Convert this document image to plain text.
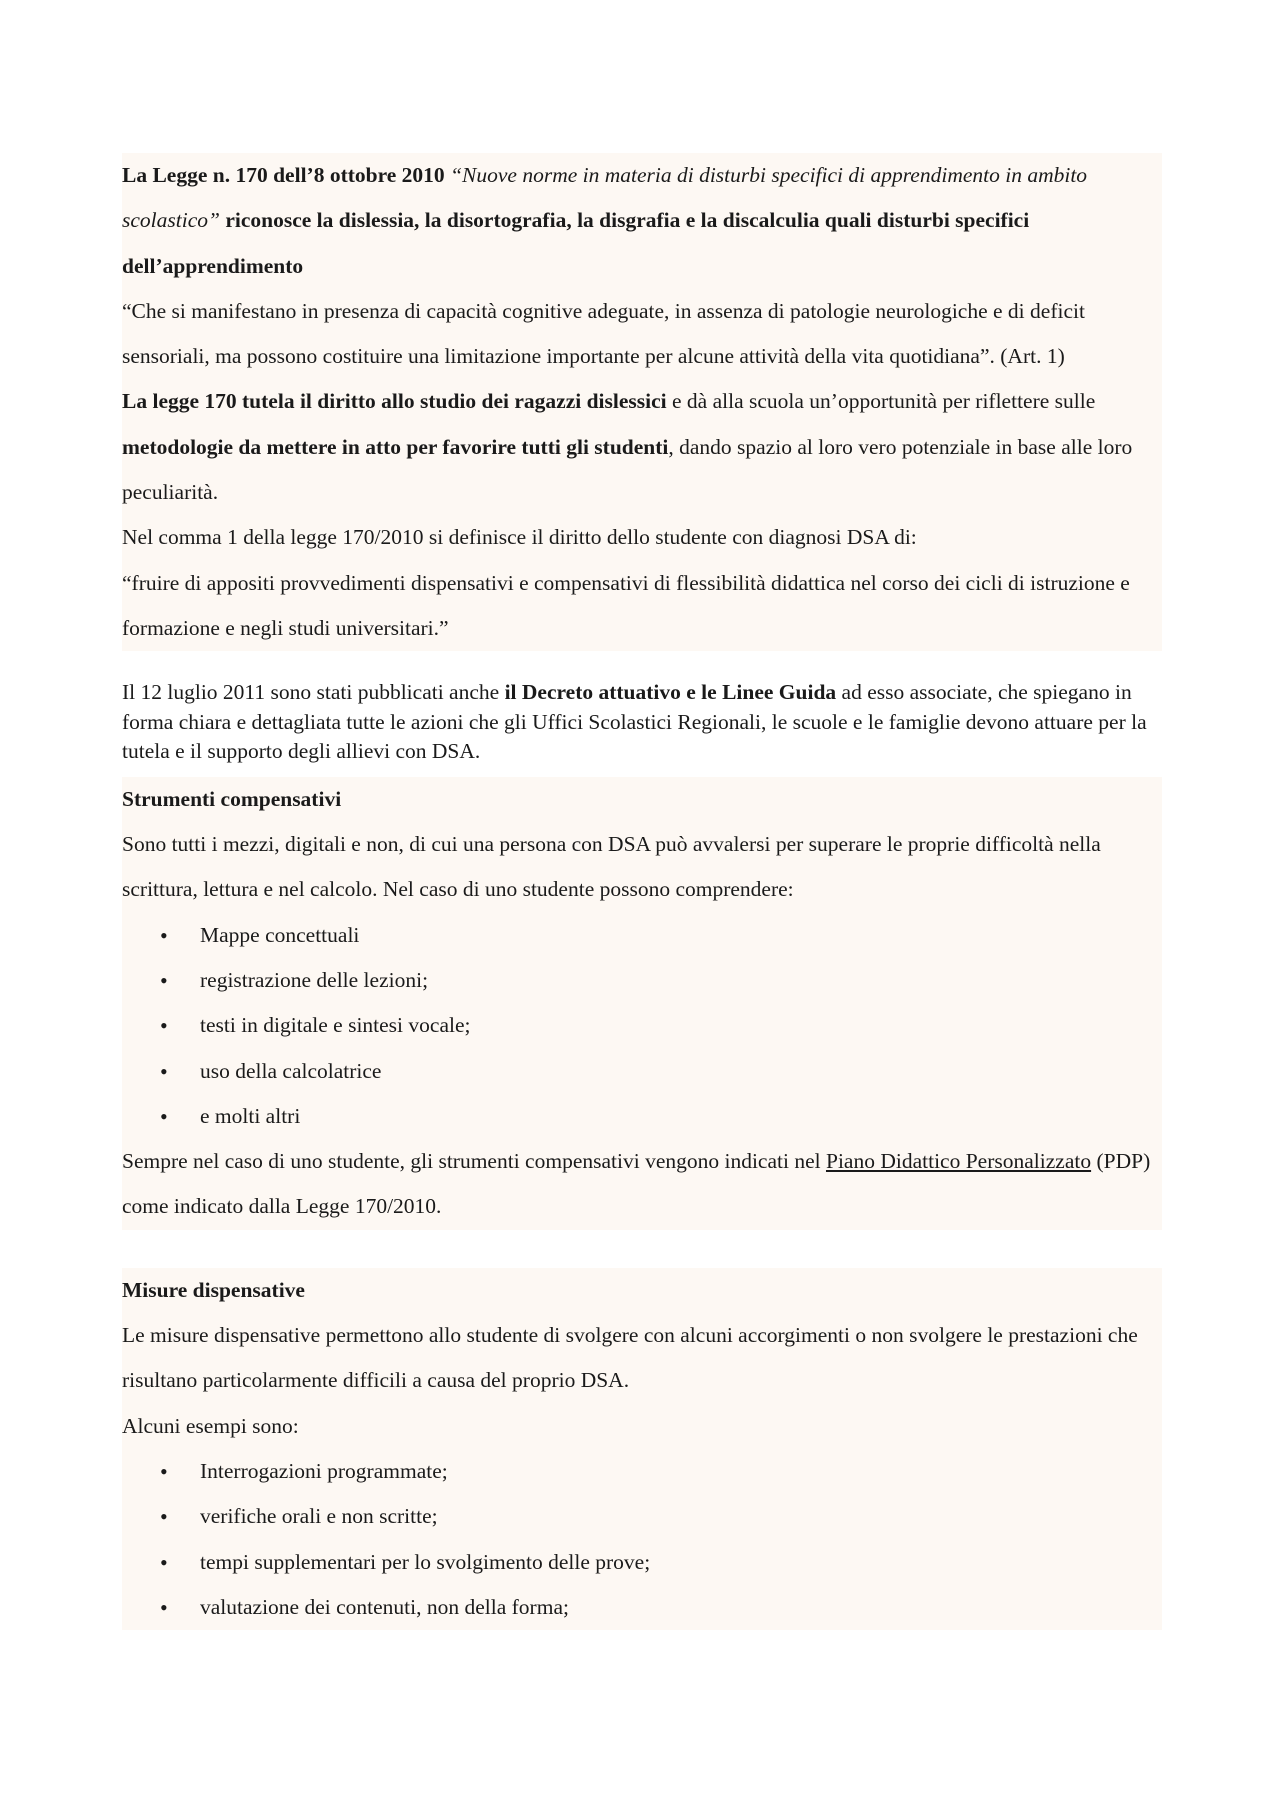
La Legge n. 170 dell’8 ottobre 2010 “Nuove norme in materia di disturbi specifici di apprendimento in ambito scolastico” riconosce la dislessia, la disortografia, la disgrafia e la discalculia quali disturbi specifici dell’apprendimento

“Che si manifestano in presenza di capacità cognitive adeguate, in assenza di patologie neurologiche e di deficit sensoriali, ma possono costituire una limitazione importante per alcune attività della vita quotidiana”. (Art. 1)

La legge 170 tutela il diritto allo studio dei ragazzi dislessici e dà alla scuola un’opportunità per riflettere sulle metodologie da mettere in atto per favorire tutti gli studenti, dando spazio al loro vero potenziale in base alle loro peculiarità.

Nel comma 1 della legge 170/2010 si definisce il diritto dello studente con diagnosi DSA di:

“fruire di appositi provvedimenti dispensativi e compensativi di flessibilità didattica nel corso dei cicli di istruzione e formazione e negli studi universitari.”

Il 12 luglio 2011 sono stati pubblicati anche il Decreto attuativo e le Linee Guida ad esso associate, che spiegano in forma chiara e dettagliata tutte le azioni che gli Uffici Scolastici Regionali, le scuole e le famiglie devono attuare per la tutela e il supporto degli allievi con DSA.

Strumenti compensativi

Sono tutti i mezzi, digitali e non, di cui una persona con DSA può avvalersi per superare le proprie difficoltà nella scrittura, lettura e nel calcolo. Nel caso di uno studente possono comprendere:

• Mappe concettuali
• registrazione delle lezioni;
• testi in digitale e sintesi vocale;
• uso della calcolatrice
• e molti altri

Sempre nel caso di uno studente, gli strumenti compensativi vengono indicati nel Piano Didattico Personalizzato (PDP) come indicato dalla Legge 170/2010.

Misure dispensative

Le misure dispensative permettono allo studente di svolgere con alcuni accorgimenti o non svolgere le prestazioni che risultano particolarmente difficili a causa del proprio DSA.

Alcuni esempi sono:

• Interrogazioni programmate;
• verifiche orali e non scritte;
• tempi supplementari per lo svolgimento delle prove;
• valutazione dei contenuti, non della forma;
